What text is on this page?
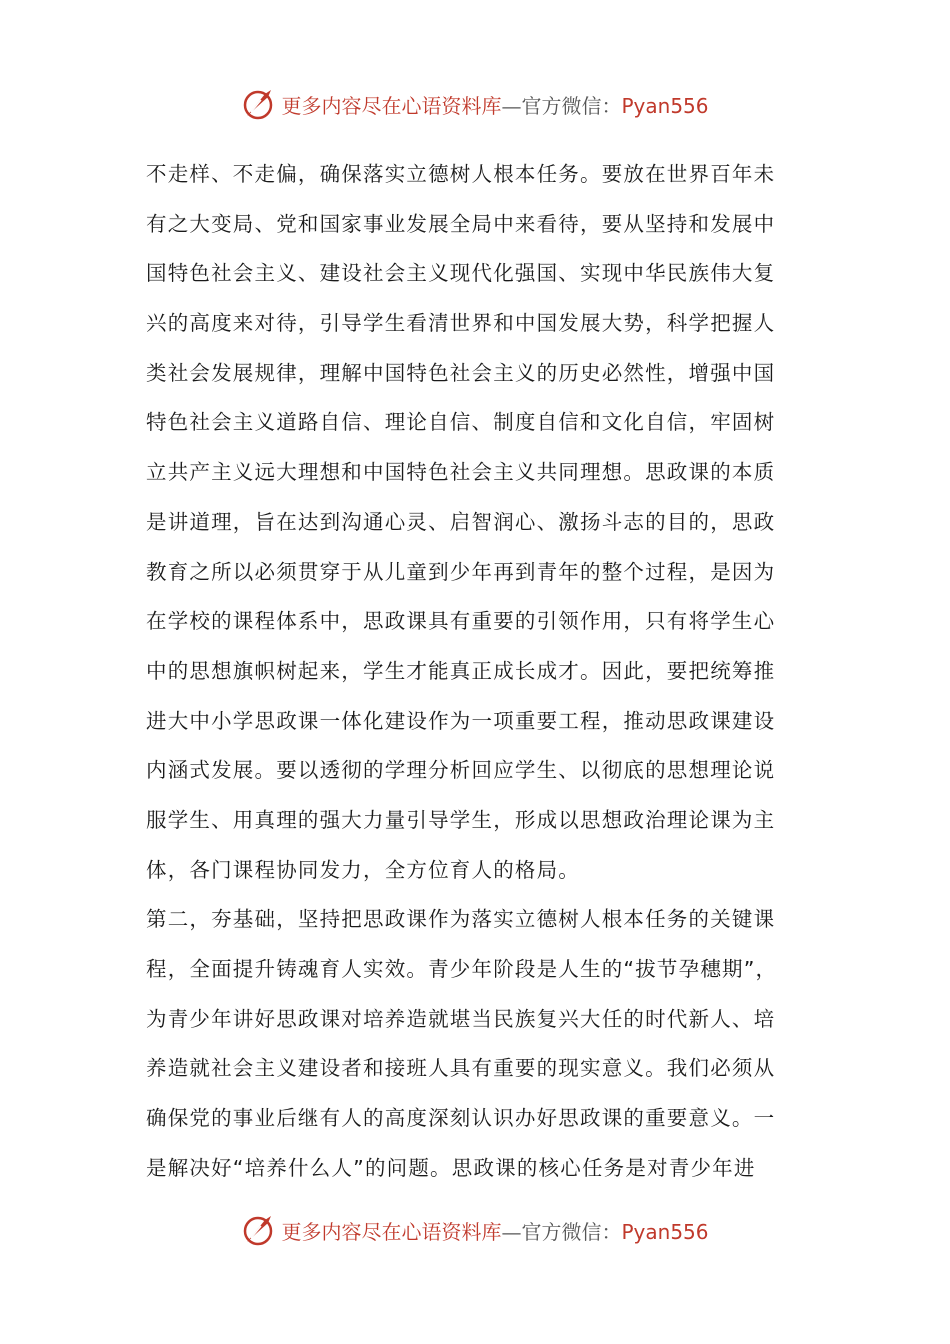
更多内容尽在心语资料库—官方微信：Pyan556
不走样、不走偏，确保落实立德树人根本任务。要放在世界百年未
有之大变局、党和国家事业发展全局中来看待，要从坚持和发展中
国特色社会主义、建设社会主义现代化强国、实现中华民族伟大复
兴的高度来对待，引导学生看清世界和中国发展大势，科学把握人
类社会发展规律，理解中国特色社会主义的历史必然性，增强中国
特色社会主义道路自信、理论自信、制度自信和文化自信，牢固树
立共产主义远大理想和中国特色社会主义共同理想。思政课的本质
是讲道理，旨在达到沟通心灵、启智润心、激扬斗志的目的，思政
教育之所以必须贯穿于从儿童到少年再到青年的整个过程，是因为
在学校的课程体系中，思政课具有重要的引领作用，只有将学生心
中的思想旗帜树起来，学生才能真正成长成才。因此，要把统筹推
进大中小学思政课一体化建设作为一项重要工程，推动思政课建设
内涵式发展。要以透彻的学理分析回应学生、以彻底的思想理论说
服学生、用真理的强大力量引导学生，形成以思想政治理论课为主
体，各门课程协同发力，全方位育人的格局。
第二，夯基础，坚持把思政课作为落实立德树人根本任务的关键课
程，全面提升铸魂育人实效。青少年阶段是人生的“拔节孕穗期”，
为青少年讲好思政课对培养造就堪当民族复兴大任的时代新人、培
养造就社会主义建设者和接班人具有重要的现实意义。我们必须从
确保党的事业后继有人的高度深刻认识办好思政课的重要意义。一
是解决好“培养什么人”的问题。思政课的核心任务是对青少年进
更多内容尽在心语资料库—官方微信：Pyan556
